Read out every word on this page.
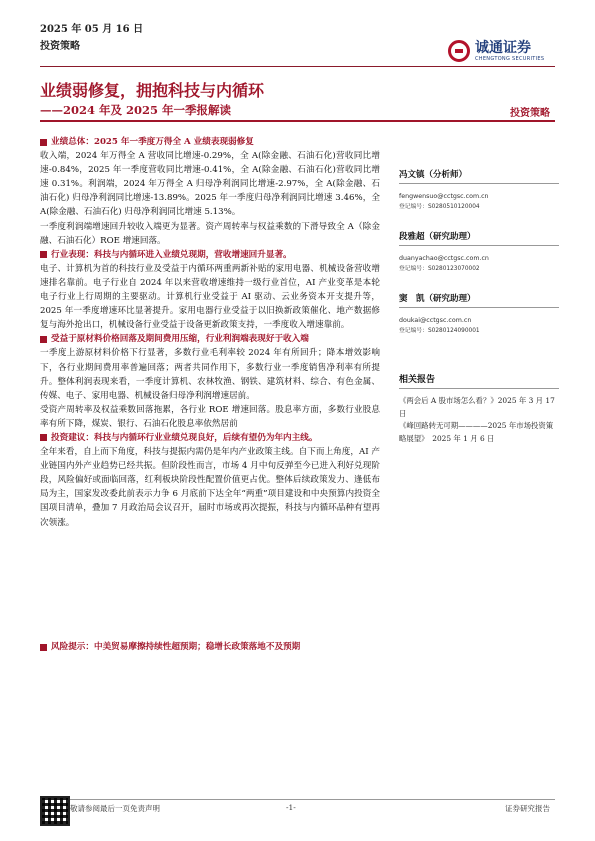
2025 年 05 月 16 日
投资策略	诚通证券
CHENGTONG SECURITIES
业绩弱修复，拥抱科技与内循环
——2024 年及 2025 年一季报解读	投资策略
业绩总体：2025 年一季度万得全 A 业绩表现弱修复

收入端，2024 年万得全 A 营收同比增速-0.29%，全 A(除金融、石油石化)营收同比增速-0.84%，2025 年一季度营收同比增速-0.41%，全 A(除金融、石油石化)营收同比增速 0.31%。利润端，2024 年万得全 A 归母净利润同比增速-2.97%，全 A(除金融、石油石化) 归母净利润同比增速-13.89%。2025 年一季度归母净利润同比增速 3.46%，全 A(除金融、石油石化) 归母净利润同比增速 5.13%。

一季度利润端增速回升较收入端更为显著。资产周转率与权益乘数的下滑导致全 A（除金融、石油石化）ROE 增速回落。

行业表现：科技与内循环进入业绩兑现期，营收增速回升显著。

电子、计算机为首的科技行业及受益于内循环两重两新补贴的家用电器、机械设备营收增速排名靠前。电子行业自 2024 年以来营收增速维持一级行业首位，AI 产业变革是本轮电子行业上行周期的主要驱动。计算机行业受益于 AI 驱动、云业务资本开支提升等，2025 年一季度增速环比显著提升。家用电器行业受益于以旧换新政策催化、地产数据修复与海外抢出口，机械设备行业受益于设备更新政策支持，一季度收入增速靠前。

受益于原材料价格回落及期间费用压缩，行业利润端表现好于收入端

一季度上游原材料价格下行显著，多数行业毛利率较 2024 年有所回升；降本增效影响下，各行业期间费用率普遍回落；两者共同作用下，多数行业一季度销售净利率有所提升。整体利润表现来看，一季度计算机、农林牧渔、钢铁、建筑材料、综合、有色金属、传媒、电子、家用电器、机械设备归母净利润增速居前。

受资产周转率及权益乘数回落拖累，各行业 ROE 增速回落。股息率方面，多数行业股息率有所下降，煤炭、银行、石油石化股息率依然居前

投资建议：科技与内循环行业业绩兑现良好，后续有望仍为年内主线。

全年来看，自上而下角度，科技与提振内需仍是年内产业政策主线。自下而上角度，AI 产业链国内外产业趋势已经共振。但阶段性而言，市场 4 月中旬反弹至今已进入利好兑现阶段，风险偏好或面临回落，红利板块阶段性配置价值更占优。整体后续政策发力、逢低布局为主，国家发改委此前表示力争 6 月底前下达全年“两重”项目建设和中央预算内投资全国项目清单，叠加 7 月政治局会议召开，届时市场或再次提振，科技与内循环品种有望再次领涨。

风险提示：中美贸易摩擦持续性超预期；稳增长政策落地不及预期
冯文镇（分析师）
fengwensuo@cctgsc.com.cn
登记编号：S0280510120004
段雅超（研究助理）
duanyachao@cctgsc.com.cn
登记编号：S0280123070002
窦　凯（研究助理）
doukai@cctgsc.com.cn
登记编号：S0280124090001
相关报告
《两会后 A 股市场怎么看？》2025 年 3 月 17 日
《峰回路转无可期————2025 年市场投资策略展望》　2025 年 1 月 6 日
敬请参阅最后一页免责声明	-1-	证券研究报告
